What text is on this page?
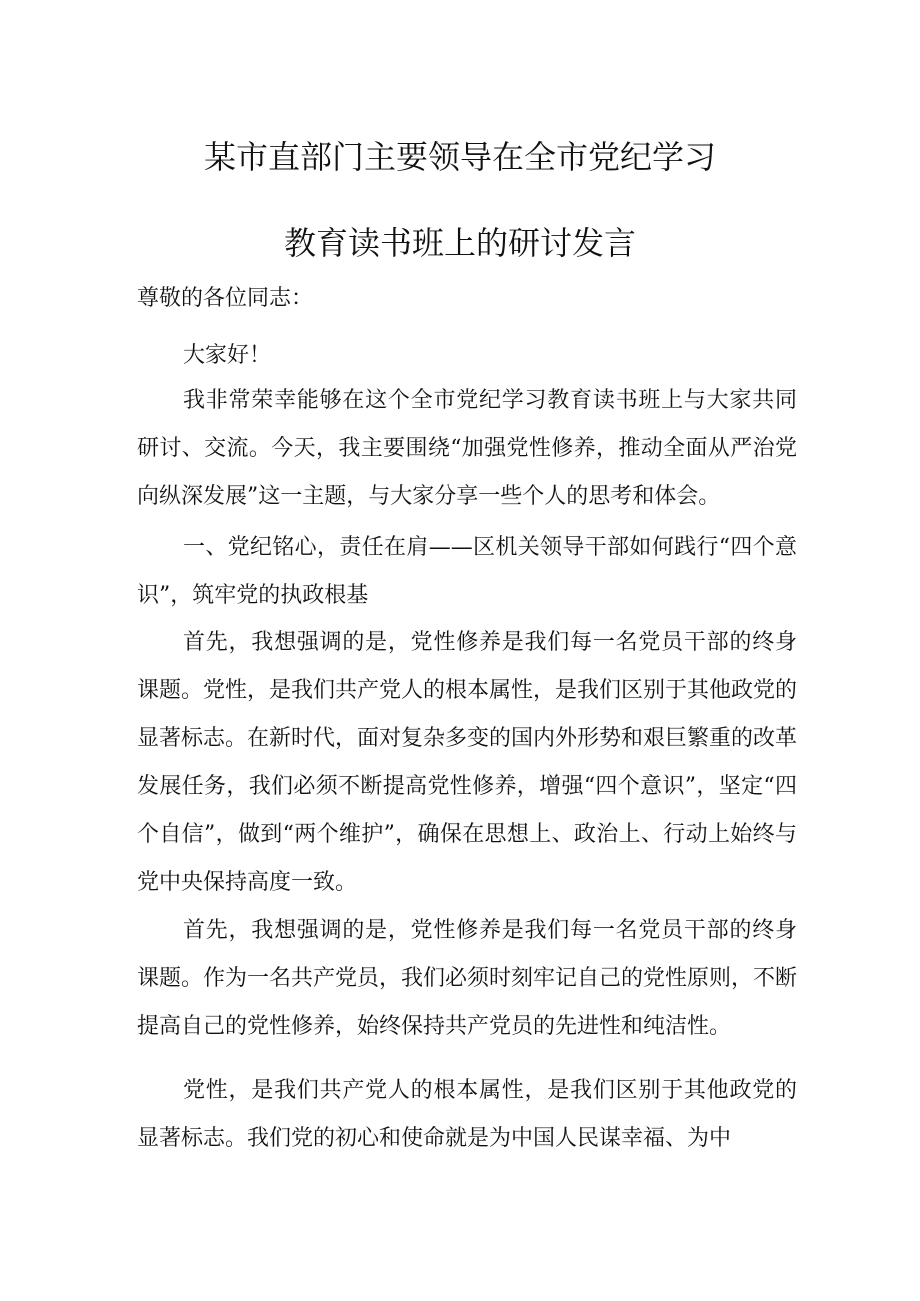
某市直部门主要领导在全市党纪学习
教育读书班上的研讨发言
尊敬的各位同志：

大家好！

我非常荣幸能够在这个全市党纪学习教育读书班上与大家共同研讨、交流。今天，我主要围绕“加强党性修养，推动全面从严治党向纵深发展”这一主题，与大家分享一些个人的思考和体会。

一、党纪铭心，责任在肩——区机关领导干部如何践行“四个意识”，筑牢党的执政根基

首先，我想强调的是，党性修养是我们每一名党员干部的终身课题。党性，是我们共产党人的根本属性，是我们区别于其他政党的显著标志。在新时代，面对复杂多变的国内外形势和艰巨繁重的改革发展任务，我们必须不断提高党性修养，增强“四个意识”，坚定“四个自信”，做到“两个维护”，确保在思想上、政治上、行动上始终与党中央保持高度一致。

首先，我想强调的是，党性修养是我们每一名党员干部的终身课题。作为一名共产党员，我们必须时刻牢记自己的党性原则，不断提高自己的党性修养，始终保持共产党员的先进性和纯洁性。

党性，是我们共产党人的根本属性，是我们区别于其他政党的显著标志。我们党的初心和使命就是为中国人民谋幸福、为中
